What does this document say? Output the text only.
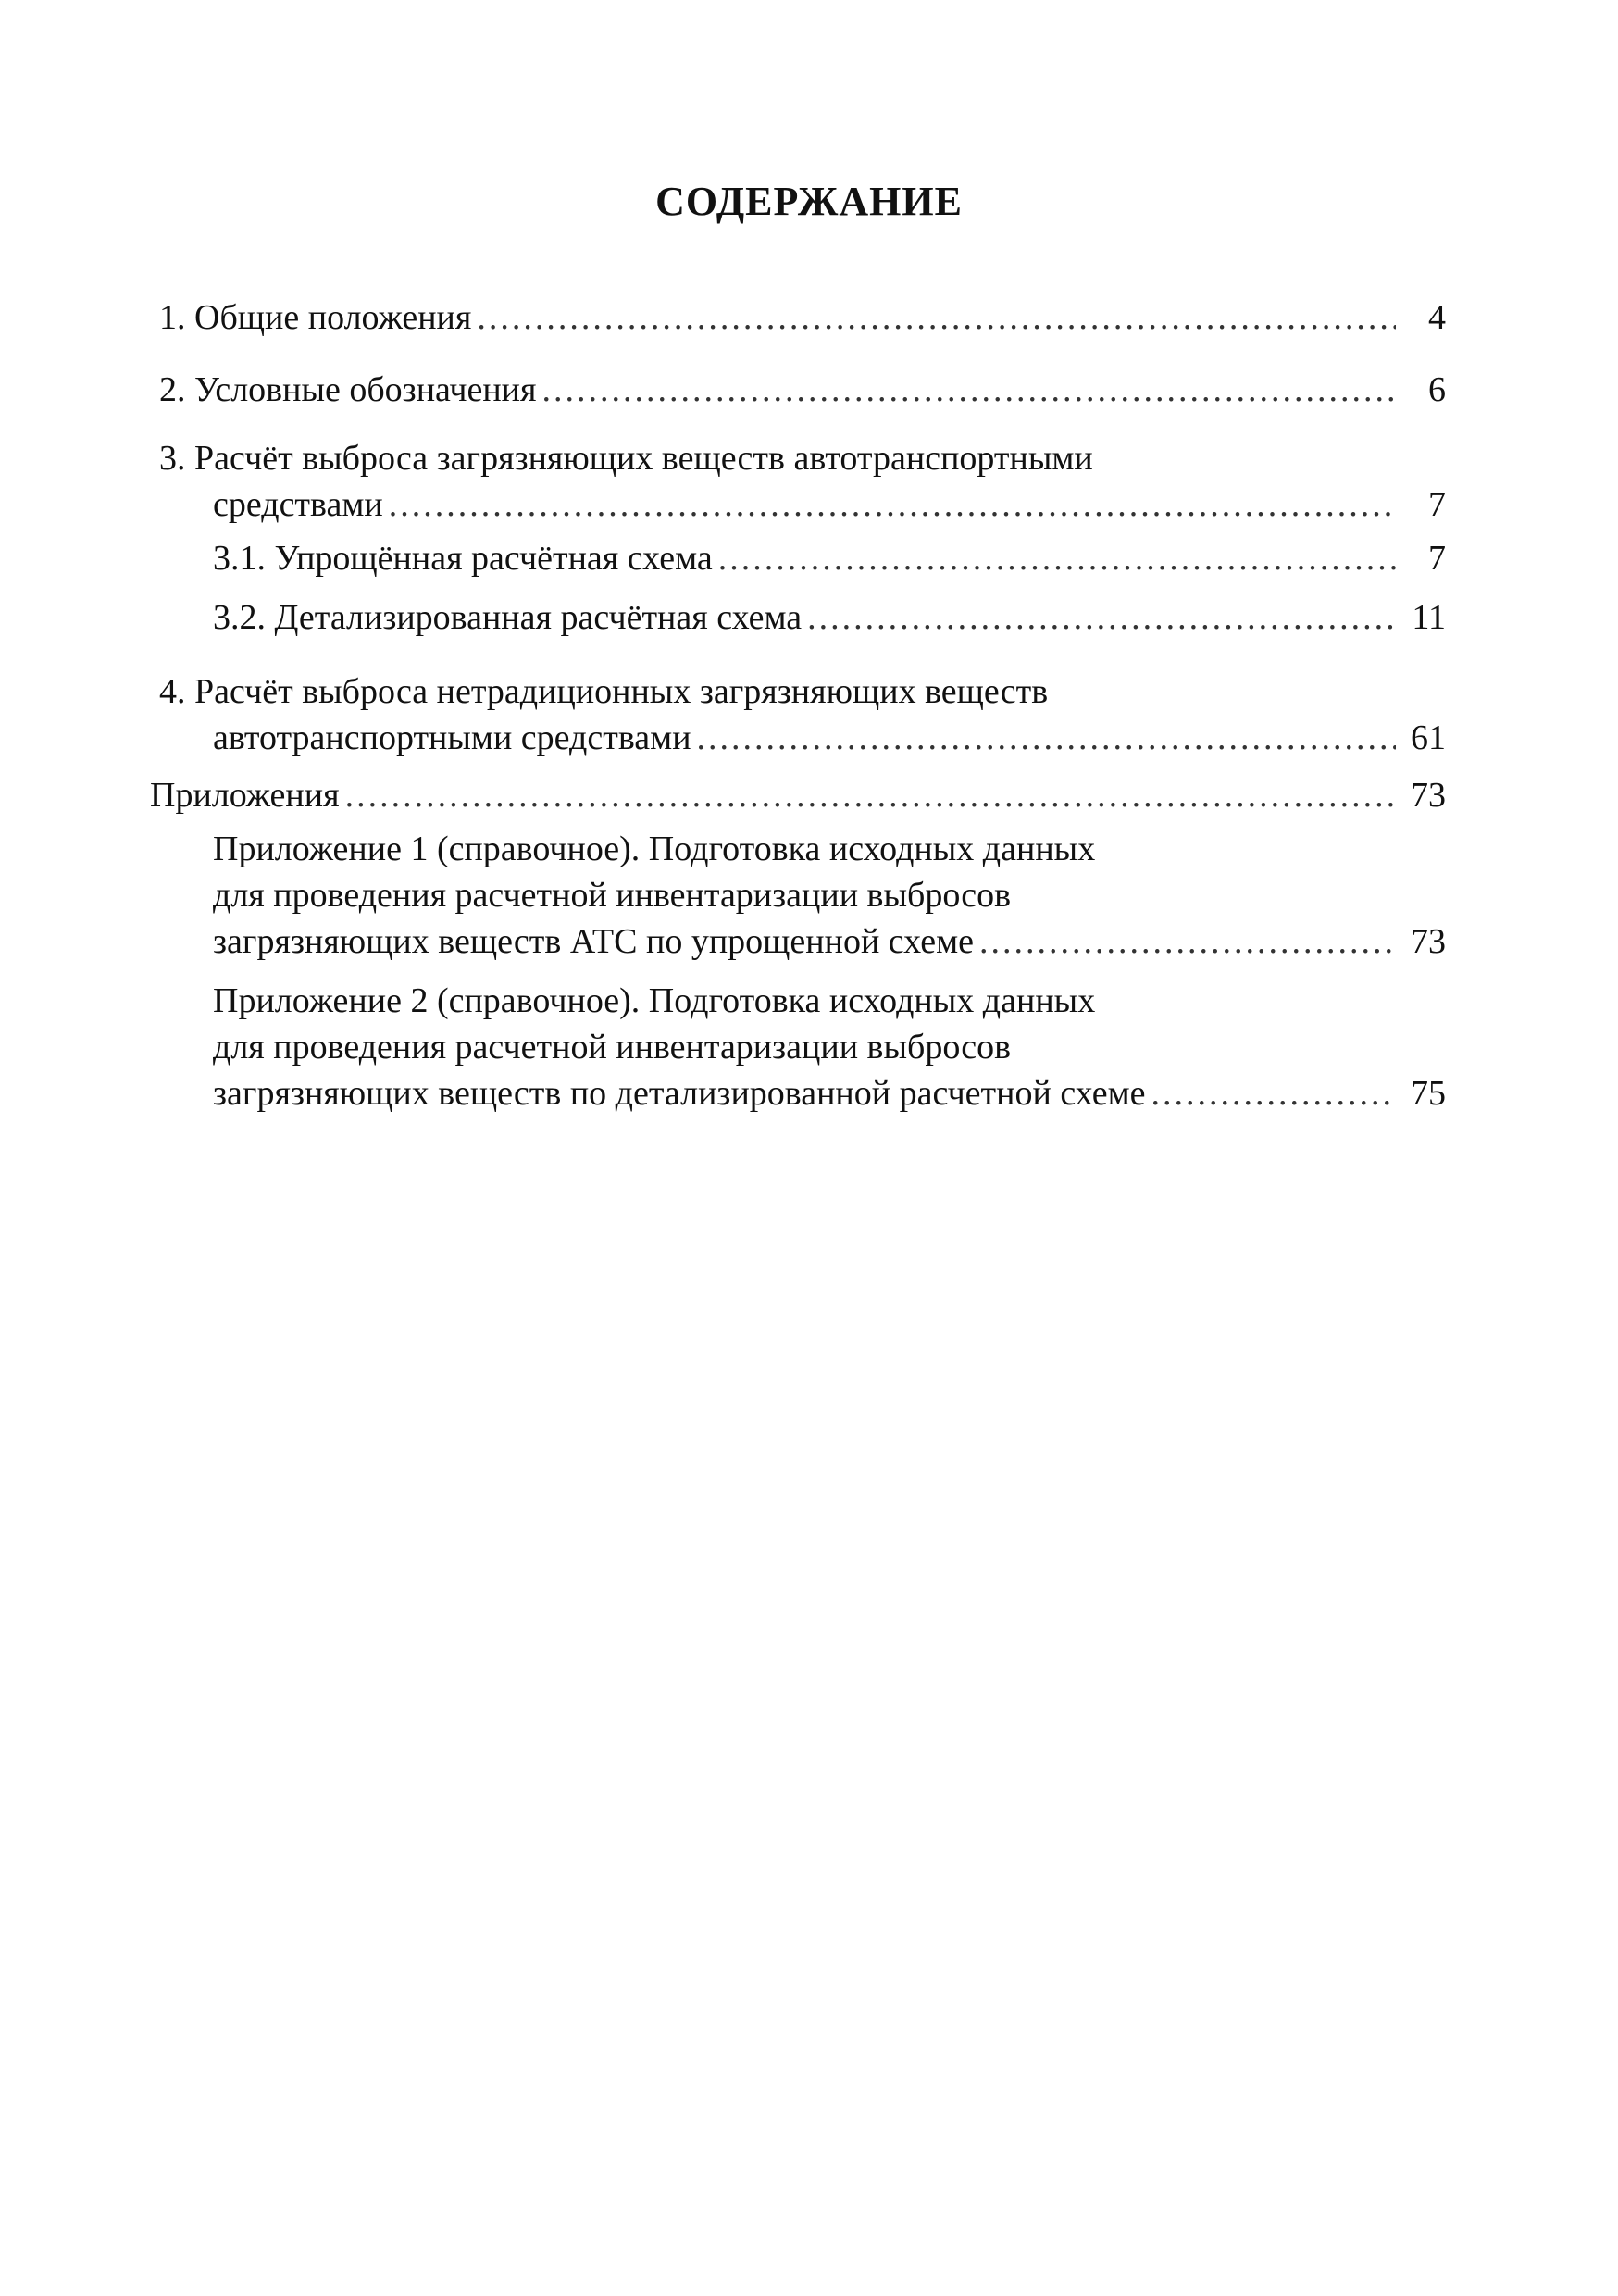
СОДЕРЖАНИЕ
1. Общие положения .....	4
2. Условные обозначения .....	6
3. Расчёт выброса загрязняющих веществ автотранспортными
средствами .....	7
3.1. Упрощённая расчётная схема .....	7
3.2. Детализированная расчётная схема .....	11
4. Расчёт выброса нетрадиционных загрязняющих веществ
автотранспортными средствами .....	61
Приложения .....	73
Приложение 1 (справочное). Подготовка исходных данных
для проведения расчетной инвентаризации выбросов
загрязняющих веществ АТС по упрощенной схеме .....	73
Приложение 2 (справочное). Подготовка исходных данных
для проведения расчетной инвентаризации выбросов
загрязняющих веществ по детализированной расчетной схеме .....	75
